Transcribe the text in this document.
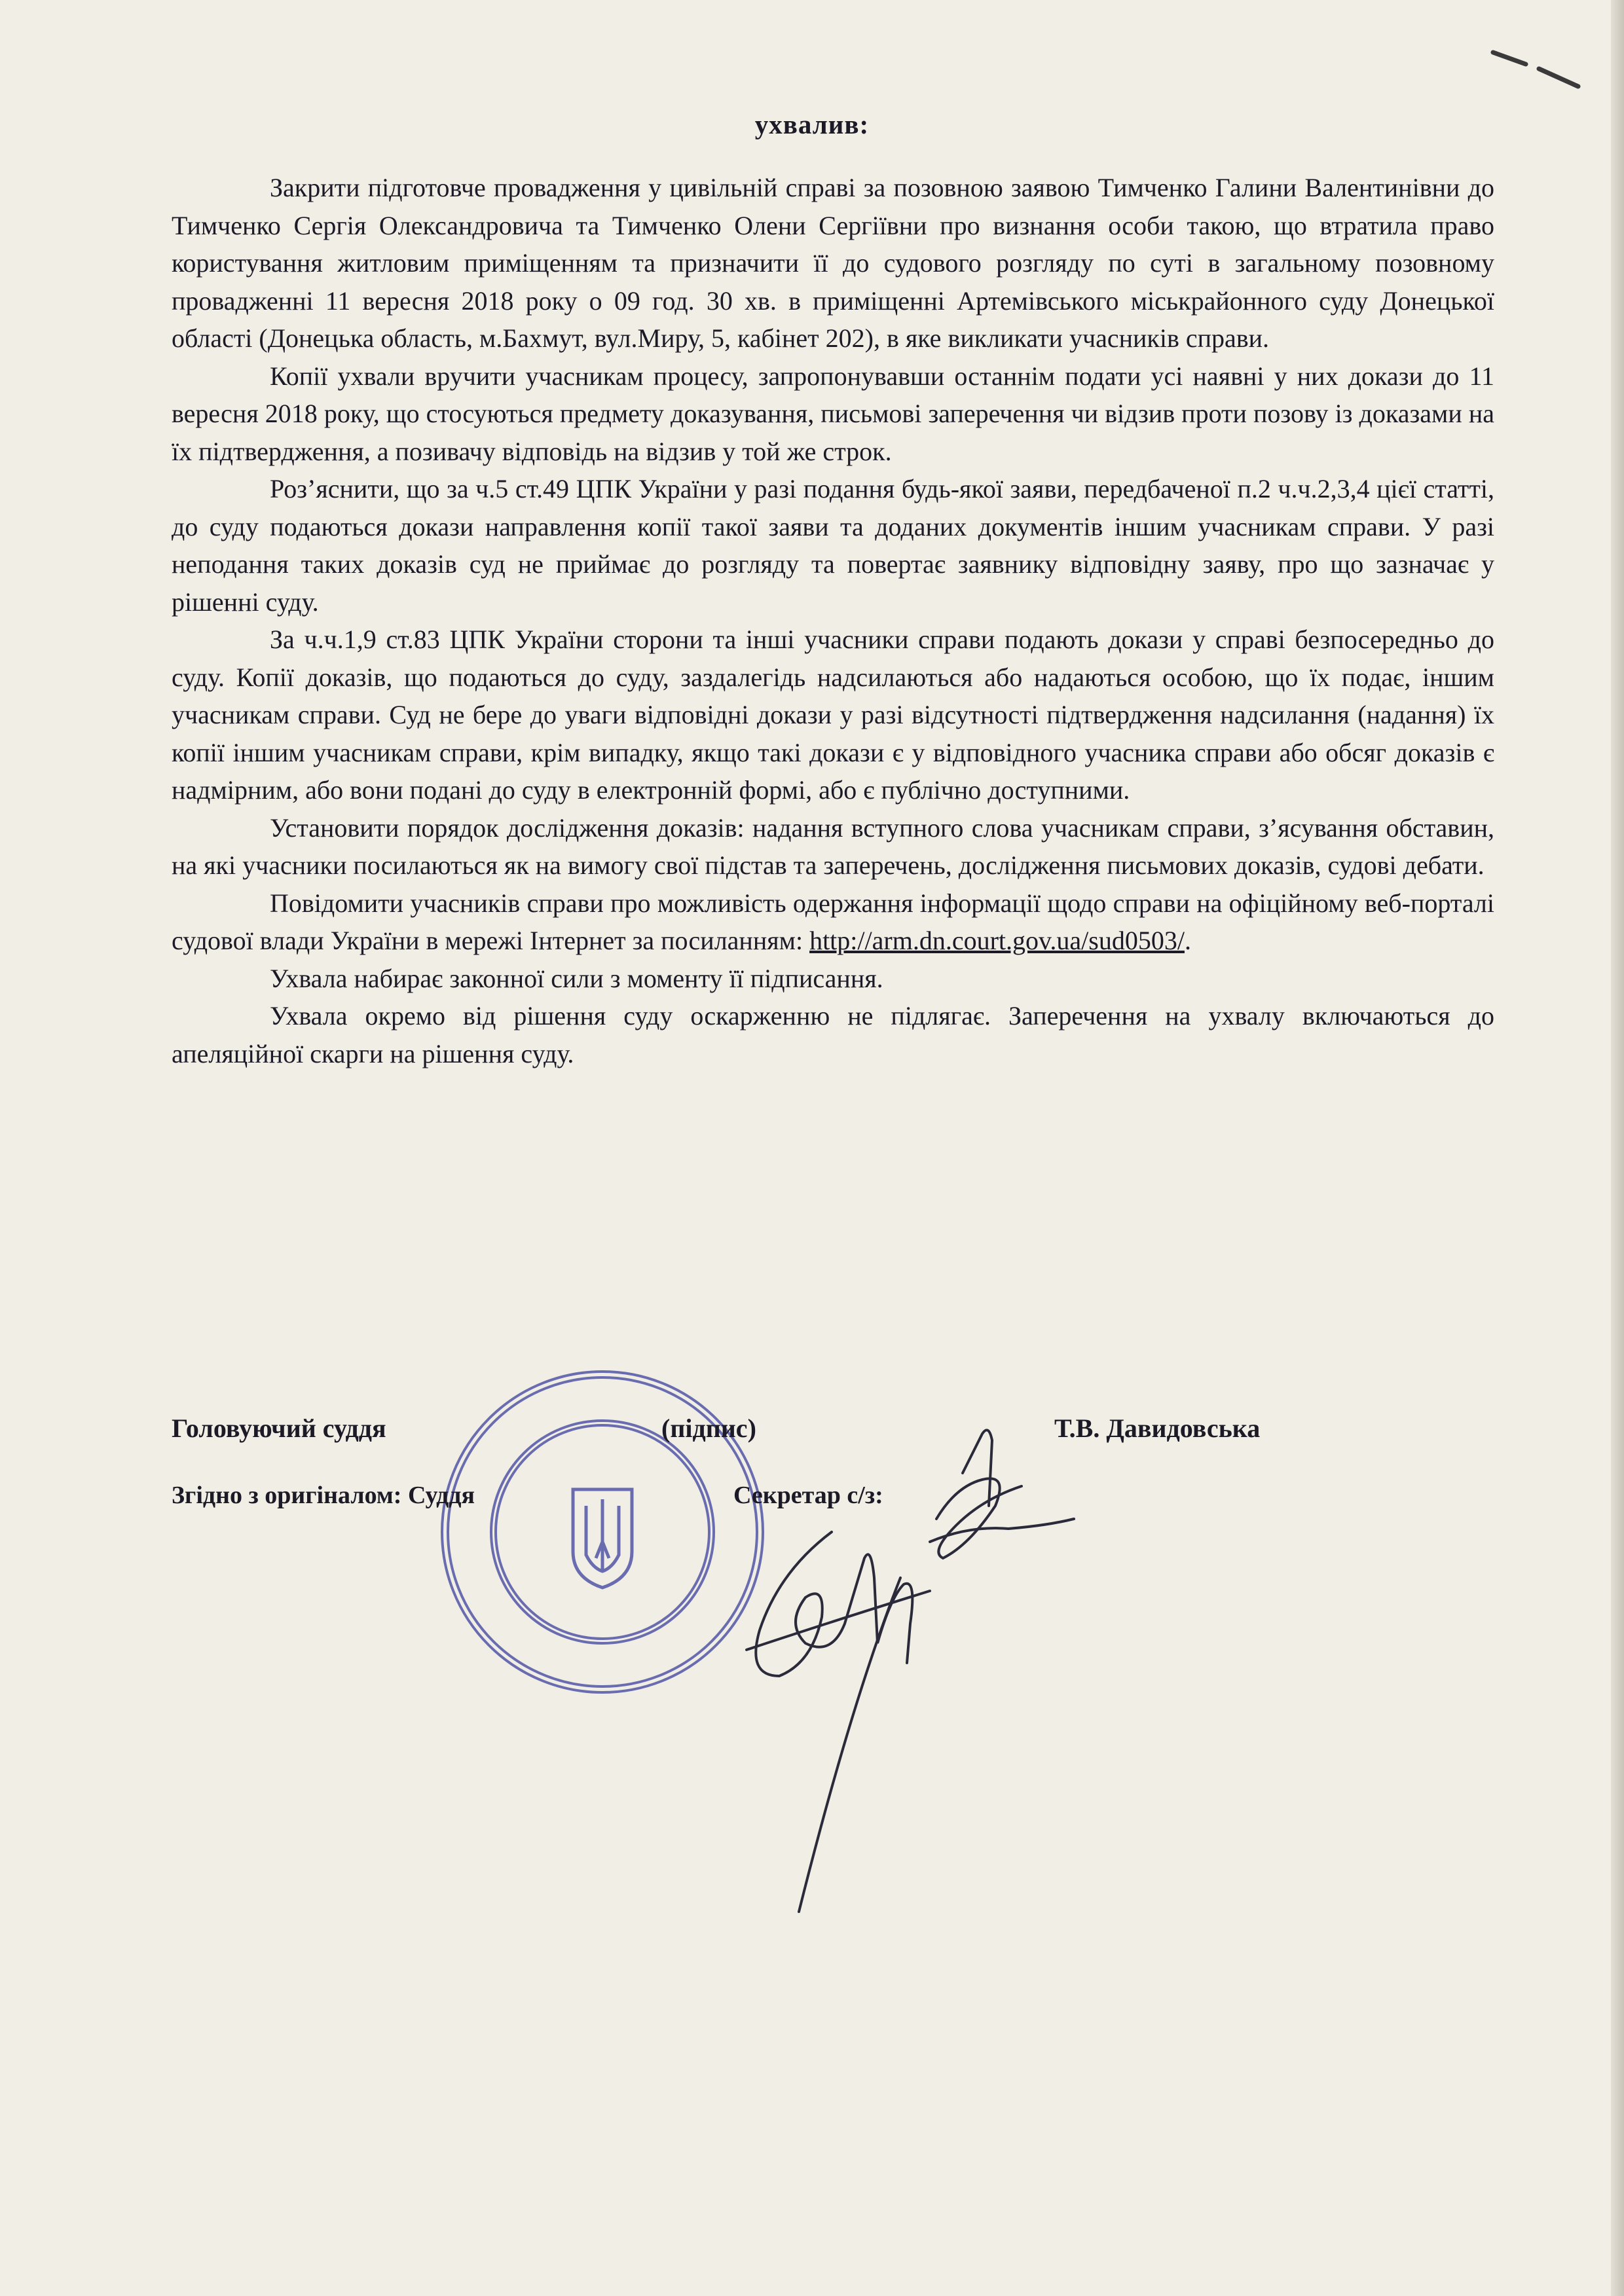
ухвалив:

Закрити підготовче провадження у цивільній справі за позовною заявою Тимченко Галини Валентинівни до Тимченко Сергія Олександровича та Тимченко Олени Сергіївни про визнання особи такою, що втратила право користування житловим приміщенням та призначити її до судового розгляду по суті в загальному позовному провадженні 11 вересня 2018 року о 09 год. 30 хв. в приміщенні Артемівського міськрайонного суду Донецької області (Донецька область, м.Бахмут, вул.Миру, 5, кабінет 202), в яке викликати учасників справи.

Копії ухвали вручити учасникам процесу, запропонувавши останнім подати усі наявні у них докази до 11 вересня 2018 року, що стосуються предмету доказування, письмові заперечення чи відзив проти позову із доказами на їх підтвердження, а позивачу відповідь на відзив у той же строк.

Роз’яснити, що за ч.5 ст.49 ЦПК України у разі подання будь-якої заяви, передбаченої п.2 ч.ч.2,3,4 цієї статті, до суду подаються докази направлення копії такої заяви та доданих документів іншим учасникам справи. У разі неподання таких доказів суд не приймає до розгляду та повертає заявнику відповідну заяву, про що зазначає у рішенні суду.

За ч.ч.1,9 ст.83 ЦПК України сторони та інші учасники справи подають докази у справі безпосередньо до суду. Копії доказів, що подаються до суду, заздалегідь надсилаються або надаються особою, що їх подає, іншим учасникам справи. Суд не бере до уваги відповідні докази у разі відсутності підтвердження надсилання (надання) їх копії іншим учасникам справи, крім випадку, якщо такі докази є у відповідного учасника справи або обсяг доказів є надмірним, або вони подані до суду в електронній формі, або є публічно доступними.

Установити порядок дослідження доказів: надання вступного слова учасникам справи, з’ясування обставин, на які учасники посилаються як на вимогу свої підстав та заперечень, дослідження письмових доказів, судові дебати.

Повідомити учасників справи про можливість одержання інформації щодо справи на офіційному веб-порталі судової влади України в мережі Інтернет за посиланням: http://arm.dn.court.gov.ua/sud0503/.

Ухвала набирає законної сили з моменту її підписання.

Ухвала окремо від рішення суду оскарженню не підлягає. Заперечення на ухвалу включаються до апеляційної скарги на рішення суду.

Головуючий суддя	(підпис)	Т.В. Давидовська
Згідно з оригіналом: Суддя	Секретар с/з:
